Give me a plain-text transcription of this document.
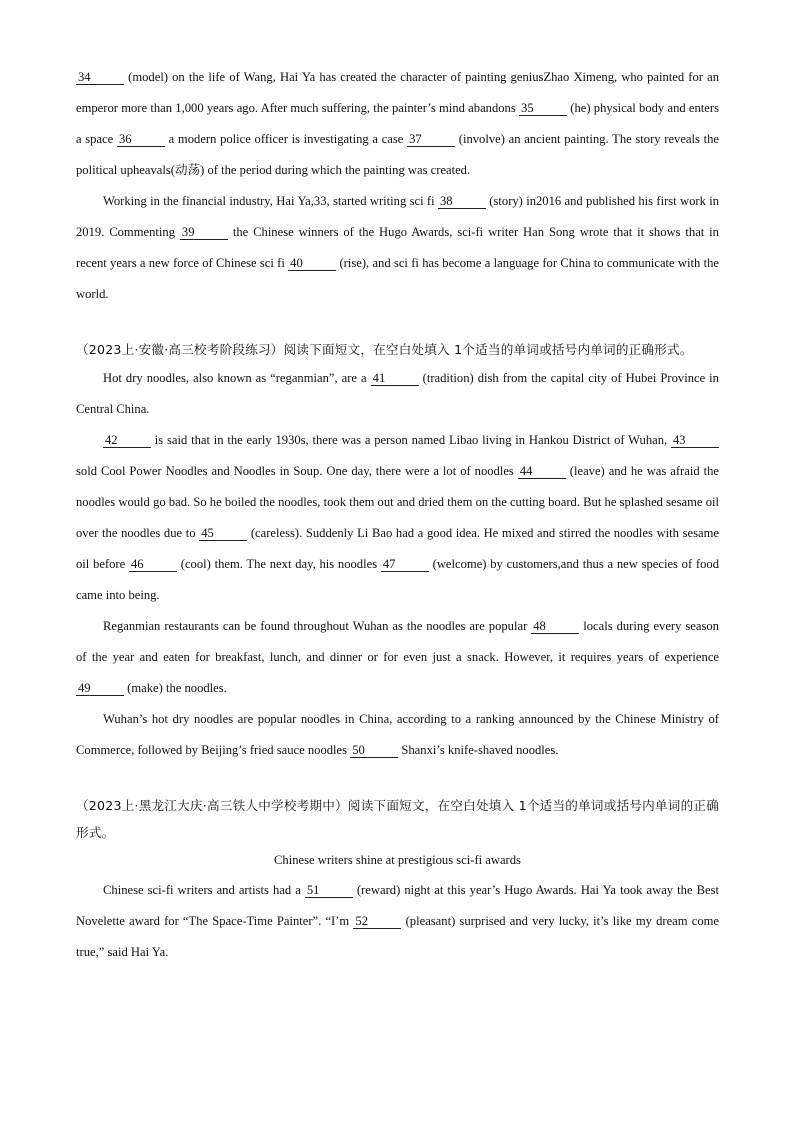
34	(model) on the life of Wang, Hai Ya has created the character of painting geniusZhao Ximeng, who painted for an emperor more than 1,000 years ago. After much suffering, the painter’s mind abandons 35	(he) physical body and enters a space 36	a modern police officer is investigating a case 37	(involve) an ancient painting. The story reveals the political upheavals(动荡) of the period during which the painting was created.

Working in the financial industry, Hai Ya,33, started writing sci fi 38	(story) in2016 and published his first work in 2019. Commenting 39	the Chinese winners of the Hugo Awards, sci-fi writer Han Song wrote that it shows that in recent years a new force of Chinese sci fi 40	(rise), and sci fi has become a language for China to communicate with the world.

（2023上·安徽·高三校考阶段练习）阅读下面短文，在空白处填入 1个适当的单词或括号内单词的正确形式。

Hot dry noodles, also known as “reganmian”, are a 41	(tradition) dish from the capital city of Hubei Province in Central China.

42	is said that in the early 1930s, there was a person named Libao living in Hankou District of Wuhan, 43 sold Cool Power Noodles and Noodles in Soup. One day, there were a lot of noodles 44	(leave) and he was afraid the noodles would go bad. So he boiled the noodles, took them out and dried them on the cutting board. But he splashed sesame oil over the noodles due to 45	(careless). Suddenly Li Bao had a good idea. He mixed and stirred the noodles with sesame oil before 46	(cool) them. The next day, his noodles 47	(welcome) by customers,and thus a new species of food came into being.

Reganmian restaurants can be found throughout Wuhan as the noodles are popular 48	locals during every season of the year and eaten for breakfast, lunch, and dinner or for even just a snack. However, it requires years of experience 49	(make) the noodles.

Wuhan’s hot dry noodles are popular noodles in China, according to a ranking announced by the Chinese Ministry of Commerce, followed by Beijing’s fried sauce noodles 50	Shanxi’s knife-shaved noodles.

（2023上·黑龙江大庆·高三铁人中学校考期中）阅读下面短文，在空白处填入 1个适当的单词或括号内单词的正确形式。

Chinese writers shine at prestigious sci-fi awards

Chinese sci-fi writers and artists had a 51	(reward) night at this year’s Hugo Awards. Hai Ya took away the Best Novelette award for “The Space-Time Painter”. “I’m 52	(pleasant) surprised and very lucky, it’s like my dream come true,” said Hai Ya.
